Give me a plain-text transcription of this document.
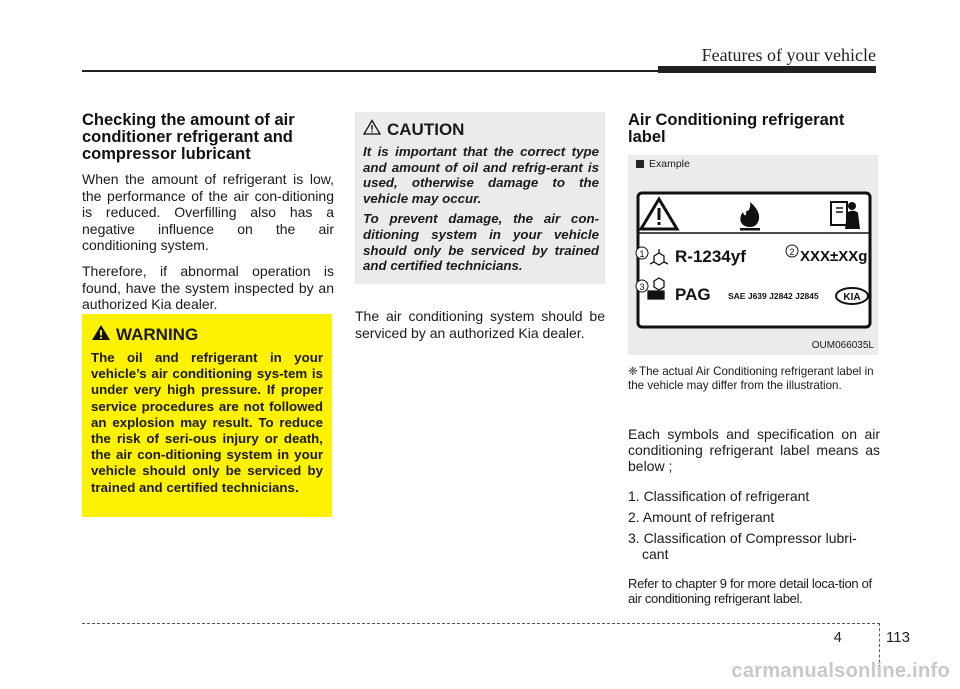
Features of your vehicle
Checking the amount of air conditioner refrigerant and compressor lubricant

When the amount of refrigerant is low, the performance of the air con-ditioning is reduced. Overfilling also has a negative influence on the air conditioning system.

Therefore, if abnormal operation is found, have the system inspected by an authorized Kia dealer.

WARNING

The oil and refrigerant in your vehicle’s air conditioning sys-tem is under very high pressure. If proper service procedures are not followed an explosion may result. To reduce the risk of seri-ous injury or death, the air con-ditioning system in your vehicle should only be serviced by trained and certified technicians.

CAUTION

It is important that the correct type and amount of oil and refrig-erant is used, otherwise damage to the vehicle may occur.

To prevent damage, the air con-ditioning system in your vehicle should only be serviced by trained and certified technicians.

The air conditioning system should be serviced by an authorized Kia dealer.

Air Conditioning refrigerant label
Example
1 R-1234yf	2 XXX±XXg
3 PAG SAE J639 J2842 J2845 KIA
OUM066035L
❈The actual Air Conditioning refrigerant label in the vehicle may differ from the illustration.

Each symbols and specification on air conditioning refrigerant label means as below ;

1. Classification of refrigerant
2. Amount of refrigerant
3. Classification of Compressor lubri-cant

Refer to chapter 9 for more detail loca-tion of air conditioning refrigerant label.

4	113
carmanualsonline.info
